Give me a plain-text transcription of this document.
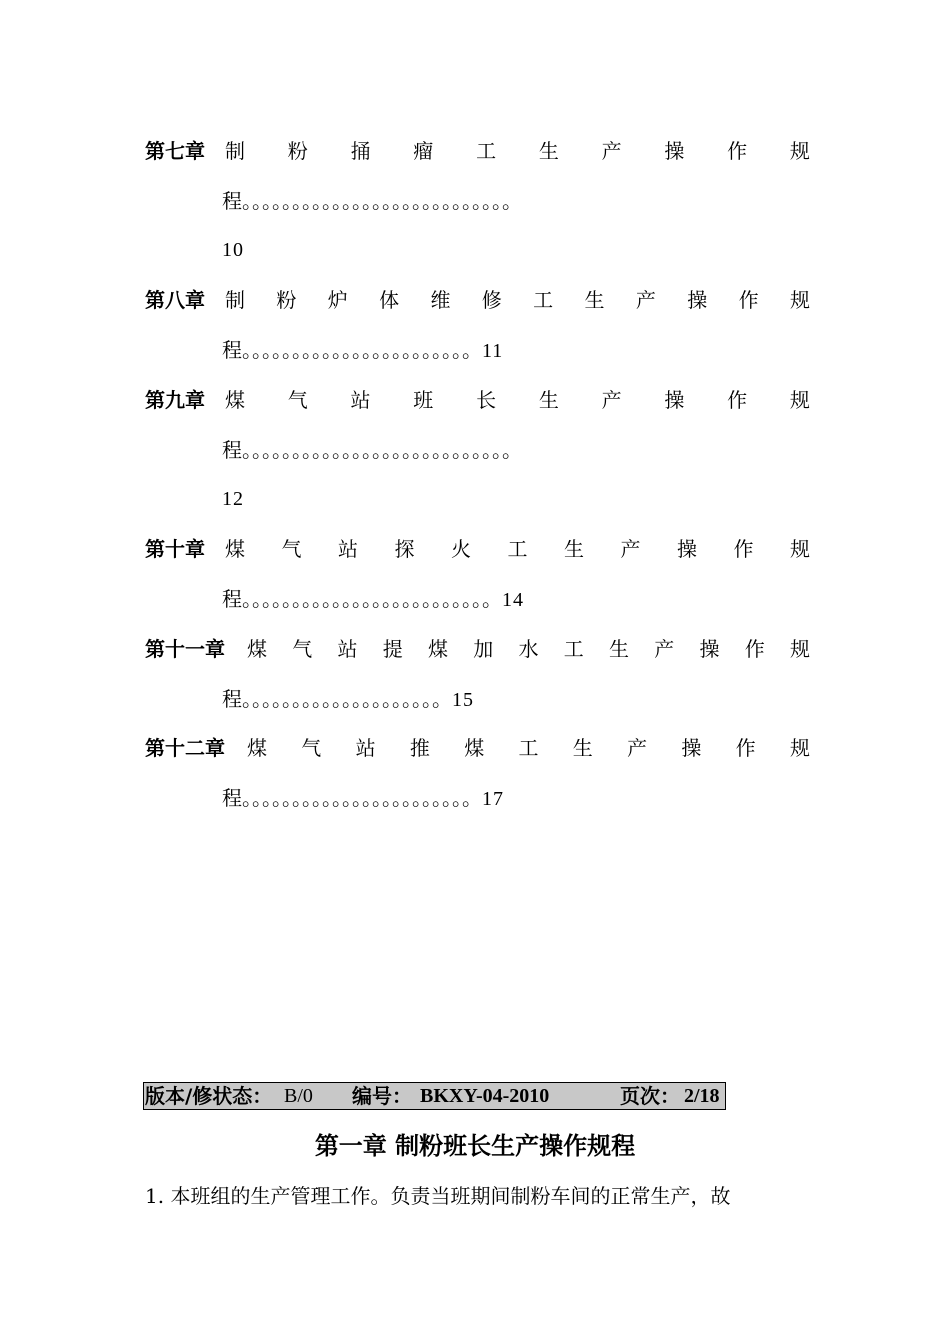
第七章 制 粉 捅 瘤 工 生 产 操 作 规
程。。。。。。。。。。。。。。。。。。。。。。。。。。。
10
第八章 制 粉 炉 体 维 修 工 生 产 操 作 规
程。。。。。。。。。。。。。。。。。。。。。。。11
第九章 煤 气 站 班 长 生 产 操 作 规
程。。。。。。。。。。。。。。。。。。。。。。。。。。。
12
第十章 煤 气 站 探 火 工 生 产 操 作 规
程。。。。。。。。。。。。。。。。。。。。。。。。。14
第十一章 煤 气 站 提 煤 加 水 工 生 产 操 作 规
程。。。。。。。。。。。。。。。。。。。。15
第十二章 煤 气 站 推 煤 工 生 产 操 作 规
程。。。。。。。。。。。。。。。。。。。。。。。17
版本/修状态： B/0 编号： BKXY-04-2010	页次： 2/18
第一章 制粉班长生产操作规程
1. 本班组的生产管理工作。负责当班期间制粉车间的正常生产，故
